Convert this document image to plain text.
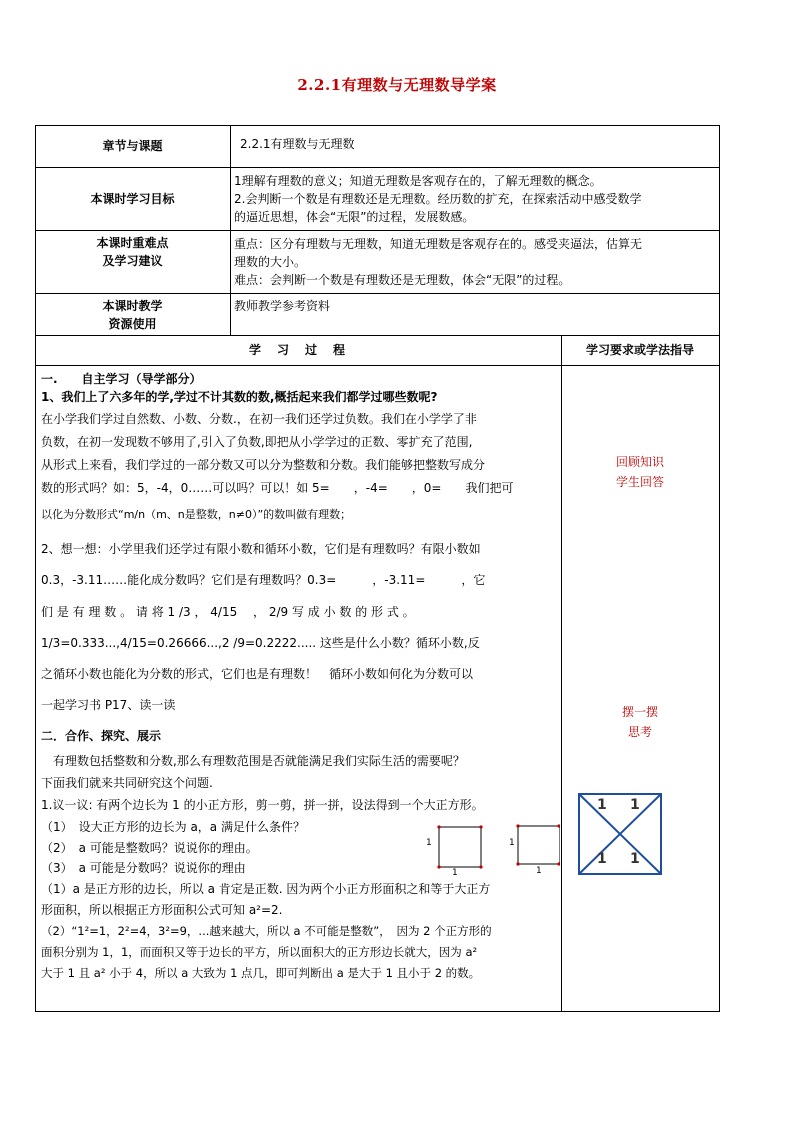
2.2.1有理数与无理数导学案
章节与课题	2.2.1有理数与无理数
本课时学习目标
1理解有理数的意义；知道无理数是客观存在的，了解无理数的概念。
2.会判断一个数是有理数还是无理数。经历数的扩充，在探索活动中感受数学
的逼近思想，体会“无限”的过程，发展数感。
本课时重难点
及学习建议
重点：区分有理数与无理数，知道无理数是客观存在的。感受夹逼法，估算无
理数的大小。
难点：会判断一个数是有理数还是无理数，体会“无限”的过程。
本课时教学
资源使用
教师教学参考资料
学　习　过　程	学习要求或学法指导
一.　　自主学习（导学部分）
1、我们上了六多年的学,学过不计其数的数,概括起来我们都学过哪些数呢?
在小学我们学过自然数、小数、分数.，在初一我们还学过负数。我们在小学学了非
负数，在初一发现数不够用了,引入了负数,即把从小学学过的正数、零扩充了范围,
从形式上来看，我们学过的一部分数又可以分为整数和分数。我们能够把整数写成分
数的形式吗？如：5，-4，0……可以吗？可以！如 5=　　，-4=　　，0=　　我们把可
以化为分数形式“m/n（m、n是整数，n≠0）”的数叫做有理数；
2、想一想：小学里我们还学过有限小数和循环小数，它们是有理数吗？有限小数如
0.3，-3.11……能化成分数吗？它们是有理数吗？0.3=　　　，-3.11=　　　，它
们 是 有 理 数 。 请 将 1 /3 ， 4/15 　， 2/9 写 成 小 数 的 形 式 。
1/3=0.333...,4/15=0.26666...,2 /9=0.2222..... 这些是什么小数？循环小数,反
之循环小数也能化为分数的形式，它们也是有理数！　循环小数如何化为分数可以
一起学习书 P17、读一读
二．合作、探究、展示
　有理数包括整数和分数,那么有理数范围是否就能满足我们实际生活的需要呢？
下面我们就来共同研究这个问题.
1.议一议: 有两个边长为 1 的小正方形，剪一剪，拼一拼，设法得到一个大正方形。
（1）　设大正方形的边长为 a，a 满足什么条件？
（2）　a 可能是整数吗？说说你的理由。
（3）　a 可能是分数吗？说说你的理由
（1）a 是正方形的边长，所以 a 肯定是正数. 因为两个小正方形面积之和等于大正方
形面积，所以根据正方形面积公式可知 a²=2.
（2）“1²=1，2²=4，3²=9，...越来越大，所以 a 不可能是整数”，　因为 2 个正方形的
面积分别为 1，1，而面积又等于边长的平方，所以面积大的正方形边长就大，因为 a²
大于 1 且 a² 小于 4，所以 a 大致为 1 点几，即可判断出 a 是大于 1 且小于 2 的数。
1
1
1
1
回顾知识
学生回答
摆一摆
思考
1 1
1 1
